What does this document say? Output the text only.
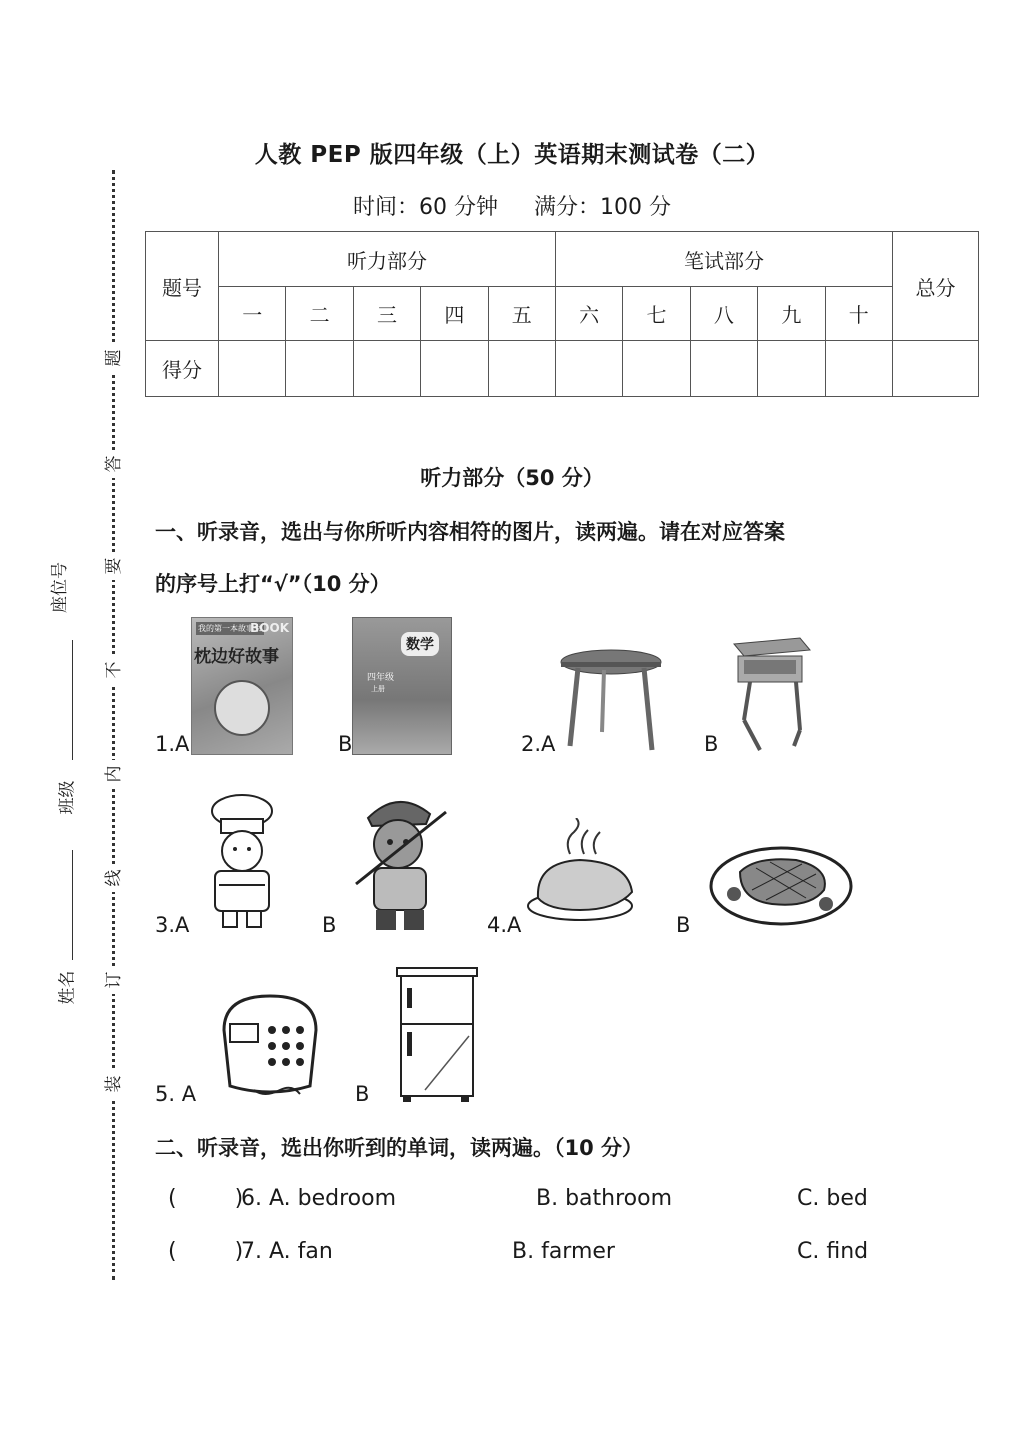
题
答
要
不
内
线
订
装
座位号
班级
姓名
人教 PEP 版四年级（上）英语期末测试卷（二）
时间：60 分钟 满分：100 分
题号	听力部分					笔试部分					总分
	一	二	三	四	五	六	七	八	九	十	
得分											
听力部分（50 分）
一、听录音，选出与你所听内容相符的图片，读两遍。请在对应答案
的序号上打“√”（10 分）
1.A
我的第一本故事书
BOOK
枕边好故事
B
数学
四年级
上册
2.A	B
3.A	B	4.A	B
5. A	B
二、听录音，选出你听到的单词，读两遍。（10 分）
(	)
6. A. bedroom	B. bathroom	C. bed
(	)
7. A. fan	B. farmer	C. find
